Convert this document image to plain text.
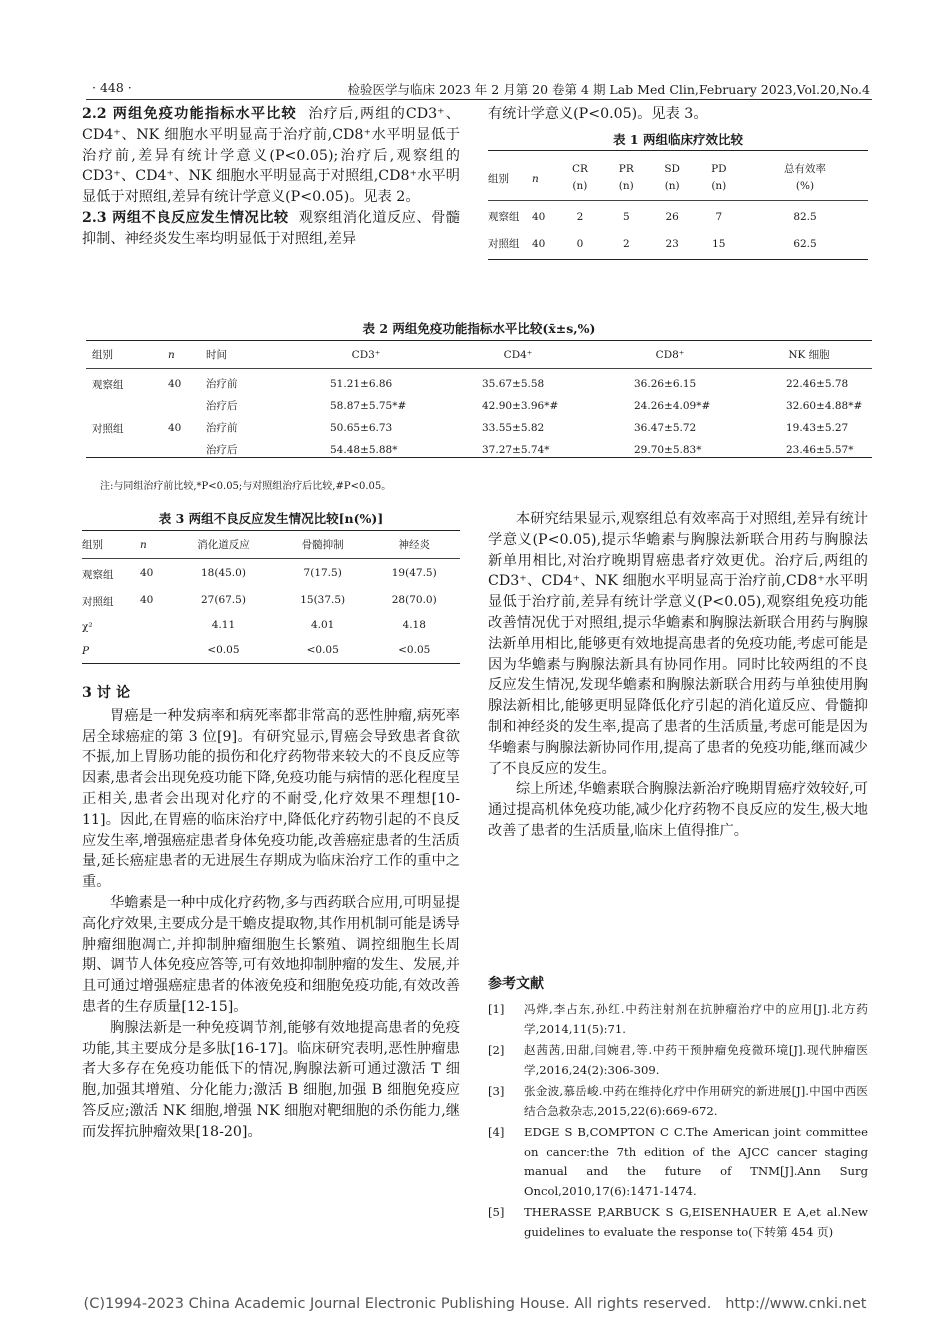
· 448 ·	检验医学与临床 2023 年 2 月第 20 卷第 4 期 Lab Med Clin,February 2023,Vol.20,No.4

2.2 两组免疫功能指标水平比较 治疗后,两组的CD3⁺、CD4⁺、NK 细胞水平明显高于治疗前,CD8⁺水平明显低于治疗前,差异有统计学意义(P<0.05);治疗后,观察组的 CD3⁺、CD4⁺、NK 细胞水平明显高于对照组,CD8⁺水平明显低于对照组,差异有统计学意义(P<0.05)。见表 2。

2.3 两组不良反应发生情况比较 观察组消化道反应、骨髓抑制、神经炎发生率均明显低于对照组,差异

有统计学意义(P<0.05)。见表 3。
表 1 两组临床疗效比较
组别	n	CR	PR	SD	PD	总有效率
		(n)	(n)	(n)	(n)	(%)
观察组	40	2	5	26	7	82.5
对照组	40	0	2	23	15	62.5
表 2 两组免疫功能指标水平比较(x̄±s,%)
组别	n	时间	CD3⁺	CD4⁺	CD8⁺	NK 细胞
观察组	40	治疗前	51.21±6.86	35.67±5.58	36.26±6.15	22.46±5.78
		治疗后	58.87±5.75*#	42.90±3.96*#	24.26±4.09*#	32.60±4.88*#
对照组	40	治疗前	50.65±6.73	33.55±5.82	36.47±5.72	19.43±5.27
		治疗后	54.48±5.88*	37.27±5.74*	29.70±5.83*	23.46±5.57*
注:与同组治疗前比较,*P<0.05;与对照组治疗后比较,#P<0.05。
表 3 两组不良反应发生情况比较[n(%)]
组别	n	消化道反应	骨髓抑制	神经炎
观察组	40	18(45.0)	7(17.5)	19(47.5)
对照组	40	27(67.5)	15(37.5)	28(70.0)
χ²		4.11	4.01	4.18
P		<0.05	<0.05	<0.05

3 讨 论

胃癌是一种发病率和病死率都非常高的恶性肿瘤,病死率居全球癌症的第 3 位[9]。有研究显示,胃癌会导致患者食欲不振,加上胃肠功能的损伤和化疗药物带来较大的不良反应等因素,患者会出现免疫功能下降,免疫功能与病情的恶化程度呈正相关,患者会出现对化疗的不耐受,化疗效果不理想[10-11]。因此,在胃癌的临床治疗中,降低化疗药物引起的不良反应发生率,增强癌症患者身体免疫功能,改善癌症患者的生活质量,延长癌症患者的无进展生存期成为临床治疗工作的重中之重。

华蟾素是一种中成化疗药物,多与西药联合应用,可明显提高化疗效果,主要成分是干蟾皮提取物,其作用机制可能是诱导肿瘤细胞凋亡,并抑制肿瘤细胞生长繁殖、调控细胞生长周期、调节人体免疫应答等,可有效地抑制肿瘤的发生、发展,并且可通过增强癌症患者的体液免疫和细胞免疫功能,有效改善患者的生存质量[12-15]。

胸腺法新是一种免疫调节剂,能够有效地提高患者的免疫功能,其主要成分是多肽[16-17]。临床研究表明,恶性肿瘤患者大多存在免疫功能低下的情况,胸腺法新可通过激活 T 细胞,加强其增殖、分化能力;激活 B 细胞,加强 B 细胞免疫应答反应;激活 NK 细胞,增强 NK 细胞对靶细胞的杀伤能力,继而发挥抗肿瘤效果[18-20]。

本研究结果显示,观察组总有效率高于对照组,差异有统计学意义(P<0.05),提示华蟾素与胸腺法新联合用药与胸腺法新单用相比,对治疗晚期胃癌患者疗效更优。治疗后,两组的 CD3⁺、CD4⁺、NK 细胞水平明显高于治疗前,CD8⁺水平明显低于治疗前,差异有统计学意义(P<0.05),观察组免疫功能改善情况优于对照组,提示华蟾素和胸腺法新联合用药与胸腺法新单用相比,能够更有效地提高患者的免疫功能,考虑可能是因为华蟾素与胸腺法新具有协同作用。同时比较两组的不良反应发生情况,发现华蟾素和胸腺法新联合用药与单独使用胸腺法新相比,能够更明显降低化疗引起的消化道反应、骨髓抑制和神经炎的发生率,提高了患者的生活质量,考虑可能是因为华蟾素与胸腺法新协同作用,提高了患者的免疫功能,继而减少了不良反应的发生。

综上所述,华蟾素联合胸腺法新治疗晚期胃癌疗效较好,可通过提高机体免疫功能,减少化疗药物不良反应的发生,极大地改善了患者的生活质量,临床上值得推广。

参考文献
[1]	冯烨,李占东,孙红.中药注射剂在抗肿瘤治疗中的应用[J].北方药学,2014,11(5):71.
[2]	赵茜茜,田甜,闫婉君,等.中药干预肿瘤免疫微环境[J].现代肿瘤医学,2016,24(2):306-309.
[3]	张金波,慕岳峻.中药在维持化疗中作用研究的新进展[J].中国中西医结合急救杂志,2015,22(6):669-672.
[4]	EDGE S B,COMPTON C C.The American joint committee on cancer:the 7th edition of the AJCC cancer staging manual and the future of TNM[J].Ann Surg Oncol,2010,17(6):1471-1474.
[5]	THERASSE P,ARBUCK S G,EISENHAUER E A,et al.New guidelines to evaluate the response to(下转第 454 页)
(C)1994-2023 China Academic Journal Electronic Publishing House. All rights reserved.   http://www.cnki.net
